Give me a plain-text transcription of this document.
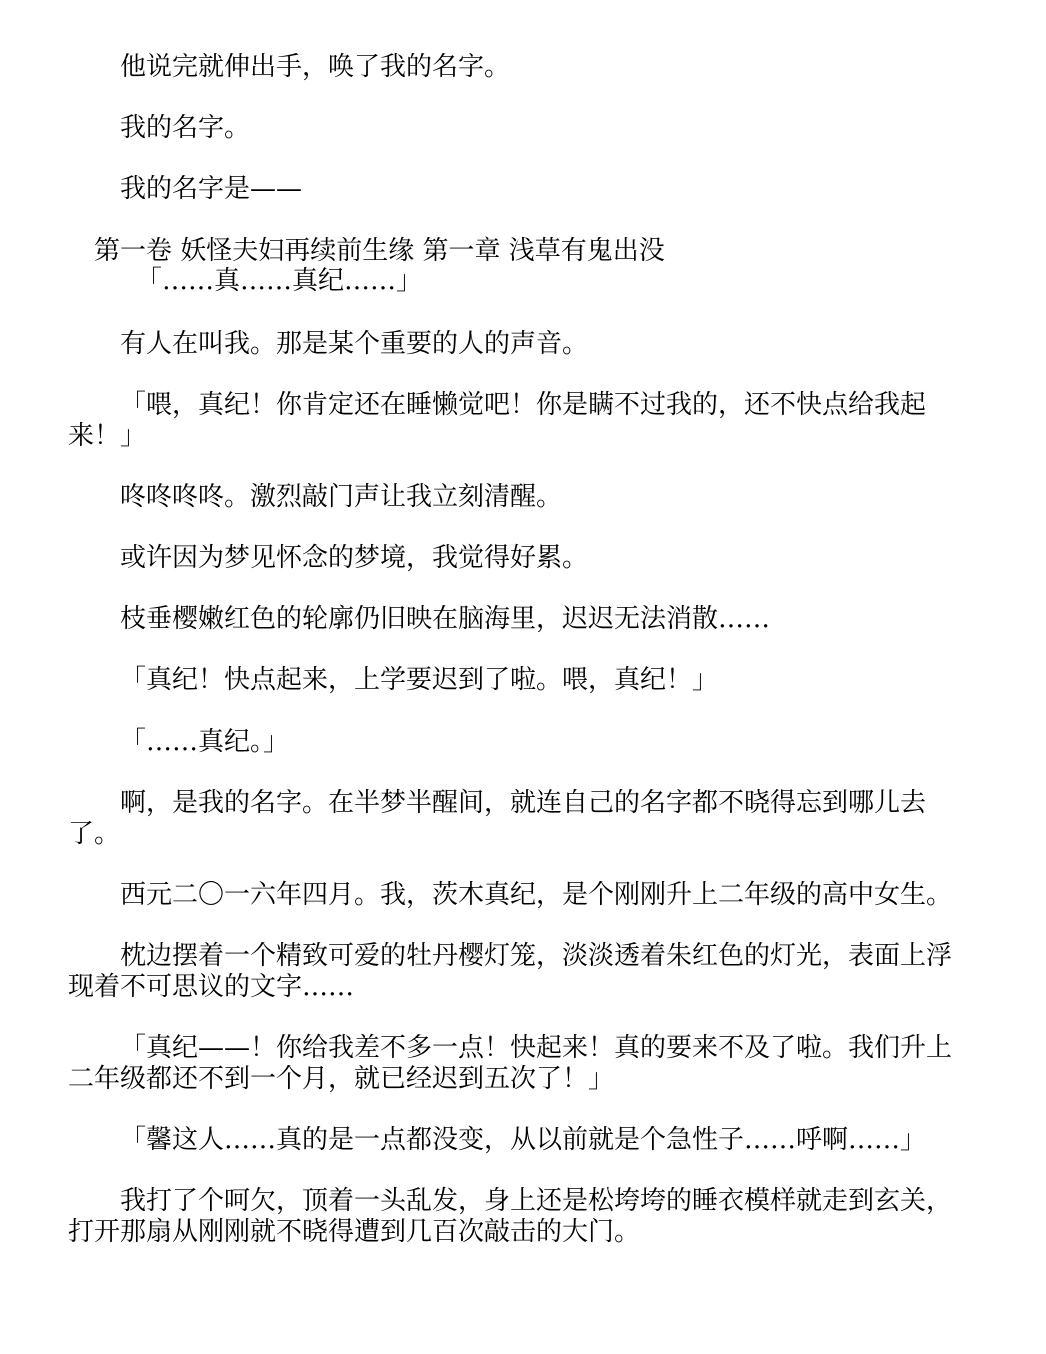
他说完就伸出手，唤了我的名字。
我的名字。
我的名字是——
第一卷 妖怪夫妇再续前生缘 第一章 浅草有鬼出没
「……真……真纪……」
有人在叫我。那是某个重要的人的声音。
「喂，真纪！你肯定还在睡懒觉吧！你是瞒不过我的，还不快点给我起来！」
咚咚咚咚。激烈敲门声让我立刻清醒。
或许因为梦见怀念的梦境，我觉得好累。
枝垂樱嫩红色的轮廓仍旧映在脑海里，迟迟无法消散……
「真纪！快点起来，上学要迟到了啦。喂，真纪！」
「……真纪。」
啊，是我的名字。在半梦半醒间，就连自己的名字都不晓得忘到哪儿去了。
西元二〇一六年四月。我，茨木真纪，是个刚刚升上二年级的高中女生。
枕边摆着一个精致可爱的牡丹樱灯笼，淡淡透着朱红色的灯光，表面上浮现着不可思议的文字……
「真纪——！你给我差不多一点！快起来！真的要来不及了啦。我们升上二年级都还不到一个月，就已经迟到五次了！」
「馨这人……真的是一点都没变，从以前就是个急性子……呼啊……」
我打了个呵欠，顶着一头乱发，身上还是松垮垮的睡衣模样就走到玄关，打开那扇从刚刚就不晓得遭到几百次敲击的大门。
